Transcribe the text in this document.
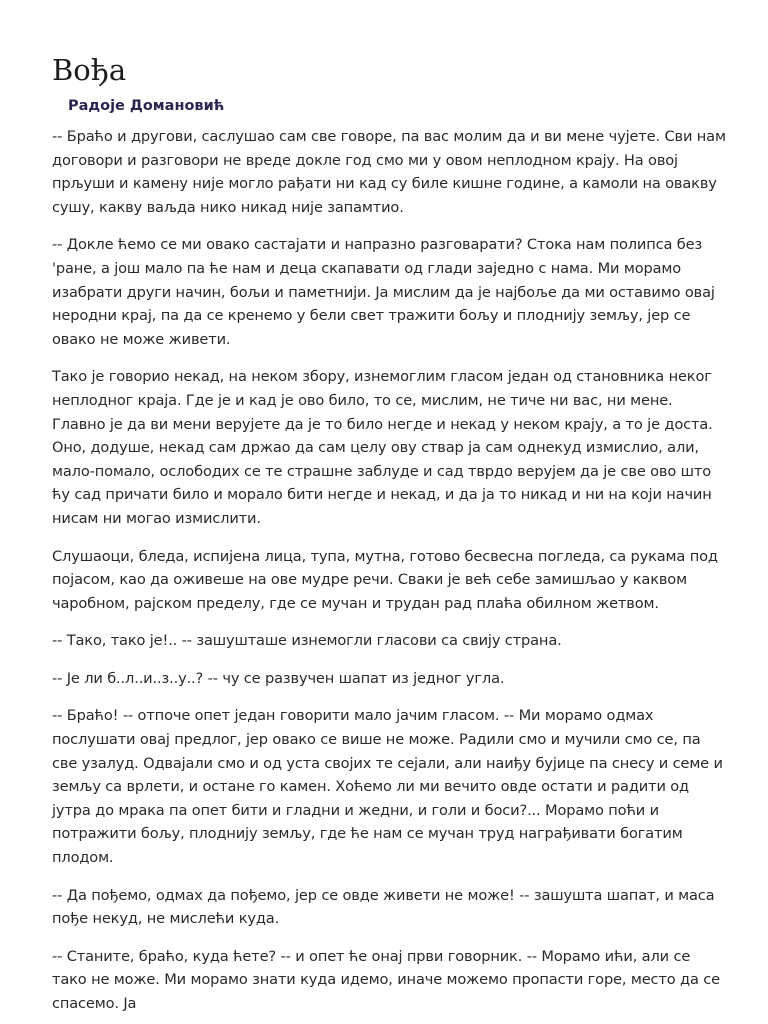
Вођа
Радоје Домановић

-- Браћо и другови, саслушао сам све говоре, па вас молим да и ви мене чујете. Сви нам договори и разговори не вреде докле год смо ми у овом неплодном крају. На овој прљуши и камену није могло рађати ни кад су биле кишне године, а камоли на овакву сушу, какву ваљда нико никад није запамтио.

-- Докле ћемо се ми овако састајати и напразно разговарати? Стока нам полипса без 'ране, а још мало па ће нам и деца скапавати од глади заједно с нама. Ми морамо изабрати други начин, бољи и паметнији. Ја мислим да је најбоље да ми оставимо овај неродни крај, па да се кренемо у бели свет тражити бољу и плоднију земљу, јер се овако не може живети.

Тако је говорио некад, на неком збору, изнемоглим гласом један од становника неког неплодног краја. Где је и кад је ово било, то се, мислим, не тиче ни вас, ни мене. Главно је да ви мени верујете да је то било негде и некад у неком крају, а то је доста. Оно, додуше, некад сам држао да сам целу ову ствар ја сам однекуд измислио, али, мало-помало, ослободих се те страшне заблуде и сад тврдо верујем да је све ово што ћу сад причати било и морало бити негде и некад, и да ја то никад и ни на који начин нисам ни могао измислити.

Слушаоци, бледа, испијена лица, тупа, мутна, готово бесвесна погледа, са рукама под појасом, као да оживеше на ове мудре речи. Сваки је већ себе замишљао у каквом чаробном, рајском пределу, где се мучан и трудан рад плаћа обилном жетвом.

-- Тако, тако је!.. -- зашушташе изнемогли гласови са свију страна.

-- Је ли б..л..и..з..у..? -- чу се развучен шапат из једног угла.

-- Браћо! -- отпоче опет један говорити мало јачим гласом. -- Ми морамо одмах послушати овај предлог, јер овако се више не може. Радили смо и мучили смо се, па све узалуд. Одвајали смо и од уста својих те сејали, али наиђу бујице па снесу и семе и земљу са врлети, и остане го камен. Хоћемо ли ми вечито овде остати и радити од јутра до мрака па опет бити и гладни и жедни, и голи и боси?... Морамо поћи и потражити бољу, плоднију земљу, где ће нам се мучан труд награђивати богатим плодом.

-- Да пођемо, одмах да пођемо, јер се овде живети не може! -- зашушта шапат, и маса пође некуд, не мислећи куда.

-- Станите, браћо, куда ћете? -- и опет ће онај први говорник. -- Морамо ићи, али се тако не може. Ми морамо знати куда идемо, иначе можемо пропасти горе, место да се спасемо. Ја
